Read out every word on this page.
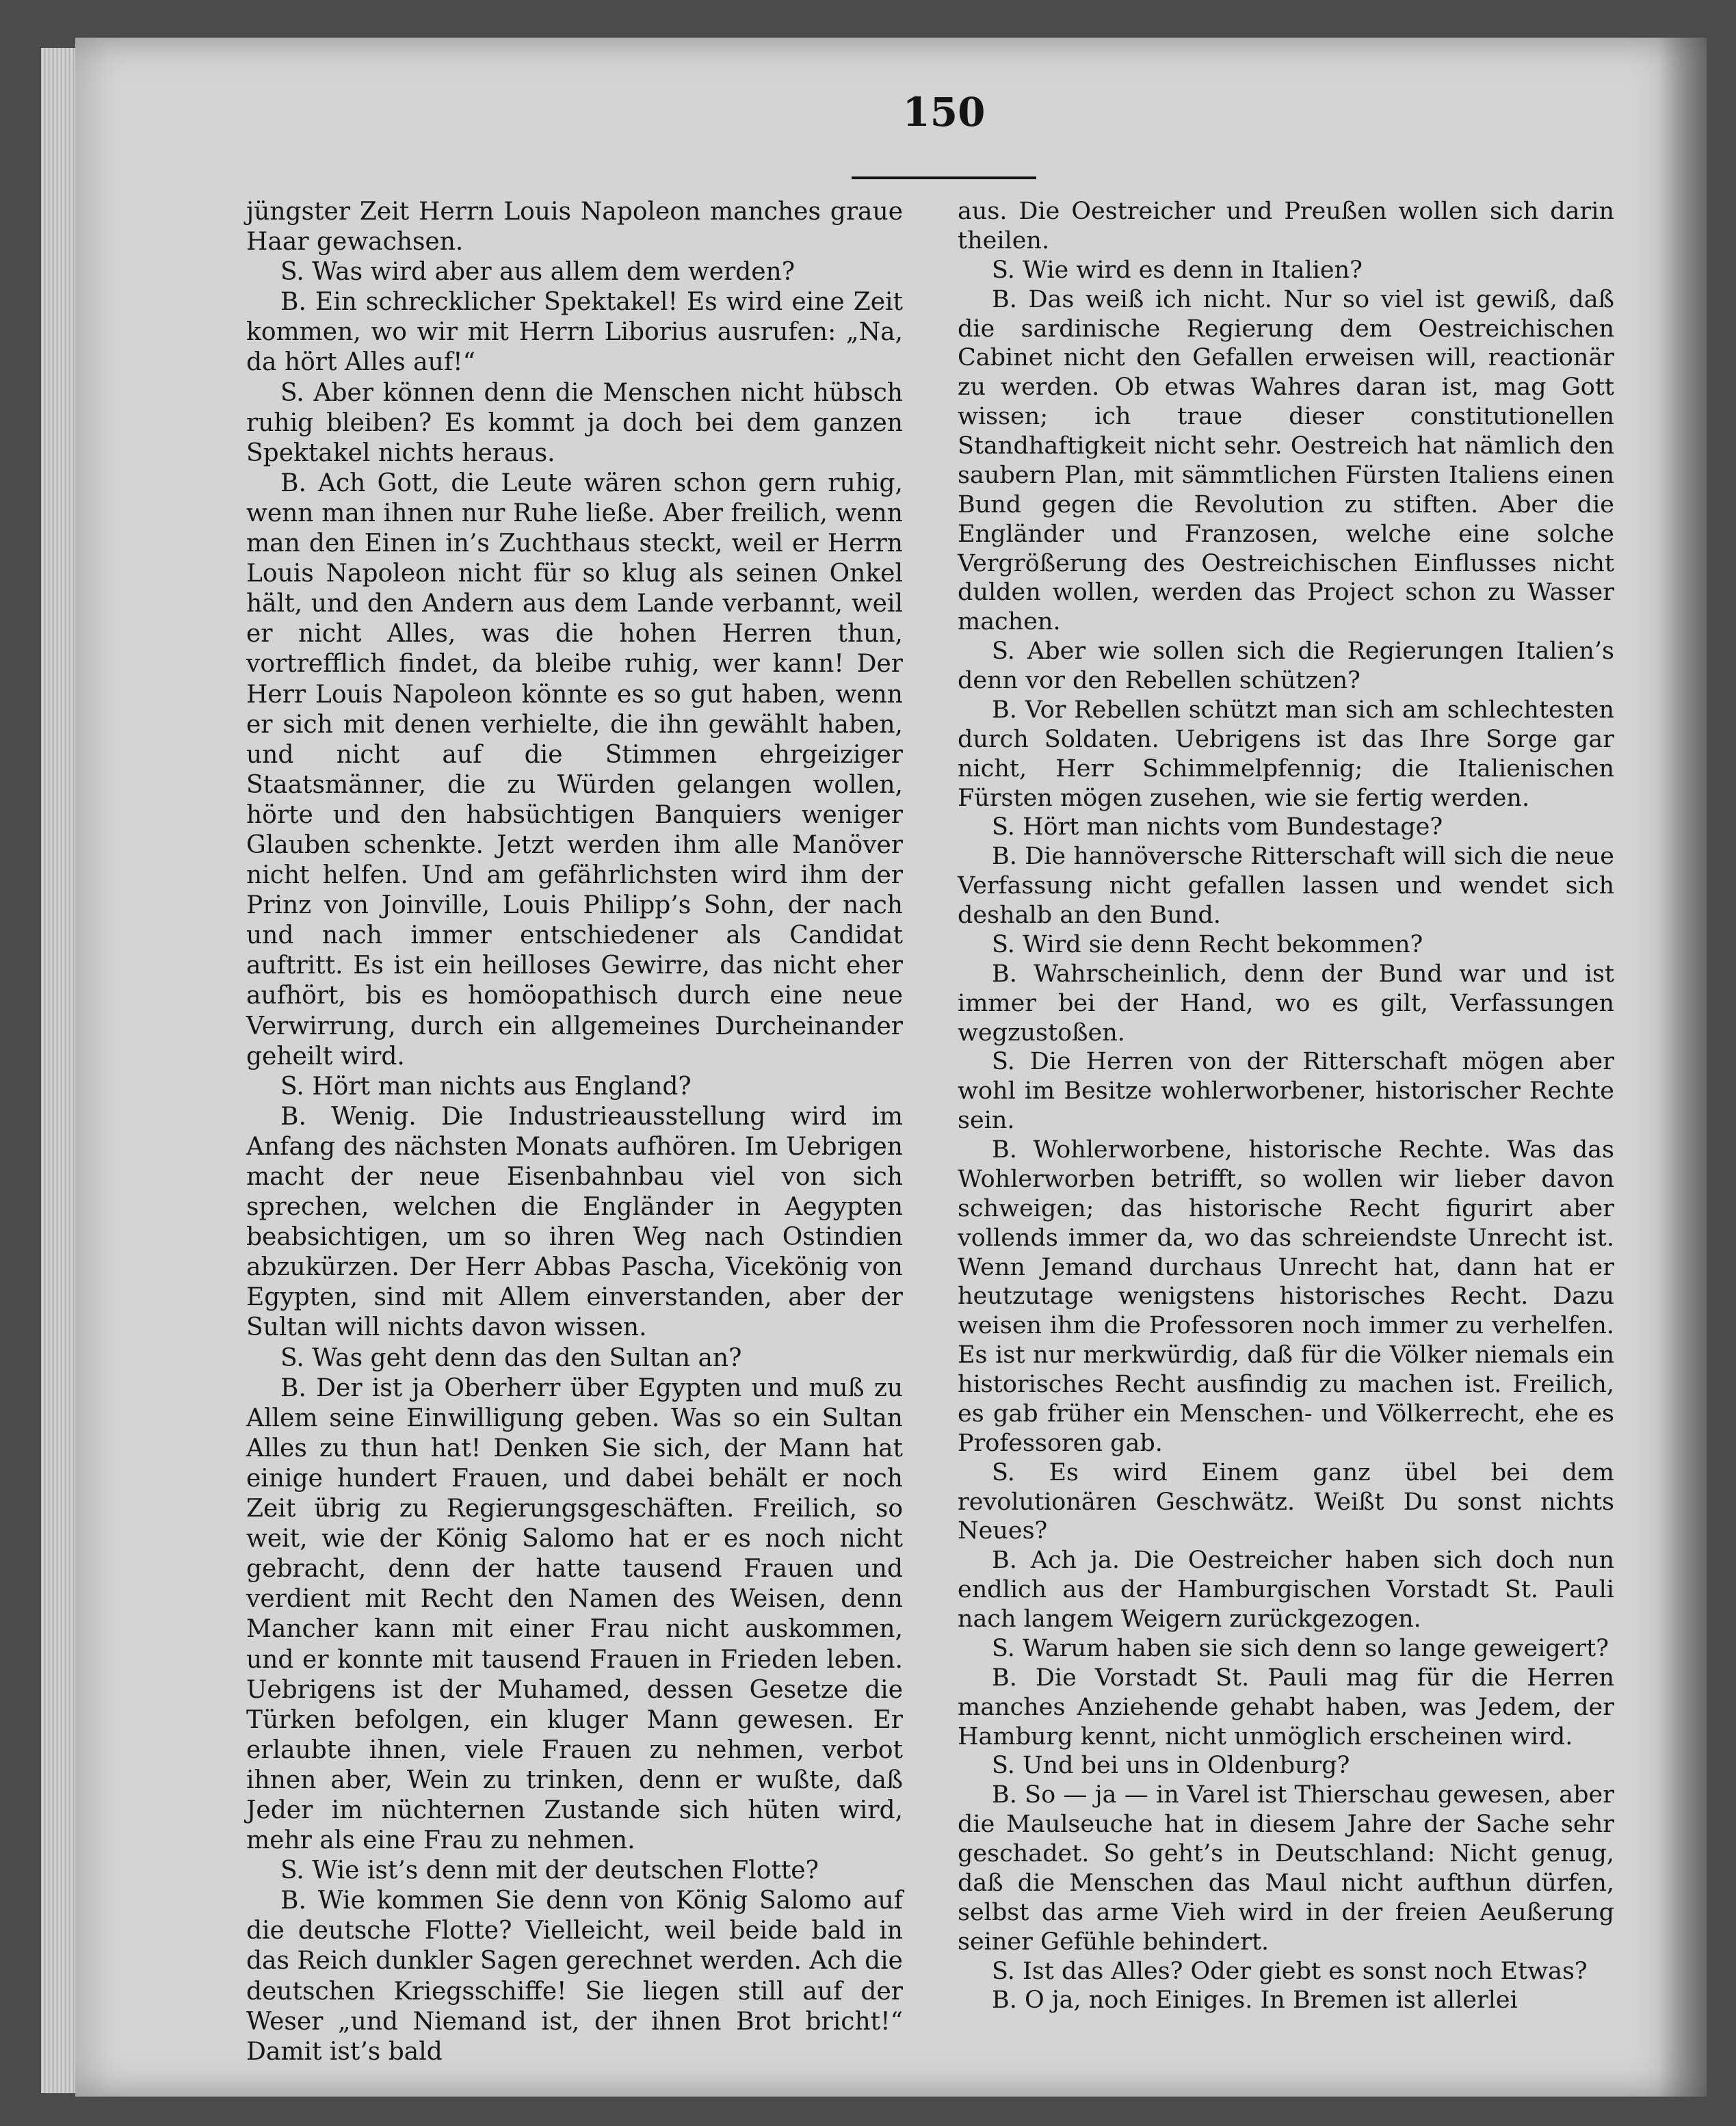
150

jüngster Zeit Herrn Louis Napoleon manches graue Haar gewachsen.

S. Was wird aber aus allem dem werden?

B. Ein schrecklicher Spektakel! Es wird eine Zeit kommen, wo wir mit Herrn Liborius ausrufen: „Na, da hört Alles auf!“

S. Aber können denn die Menschen nicht hübsch ruhig bleiben? Es kommt ja doch bei dem ganzen Spektakel nichts heraus.

B. Ach Gott, die Leute wären schon gern ruhig, wenn man ihnen nur Ruhe ließe. Aber freilich, wenn man den Einen in’s Zuchthaus steckt, weil er Herrn Louis Napoleon nicht für so klug als seinen Onkel hält, und den Andern aus dem Lande verbannt, weil er nicht Alles, was die hohen Herren thun, vortrefflich findet, da bleibe ruhig, wer kann! Der Herr Louis Napoleon könnte es so gut haben, wenn er sich mit denen verhielte, die ihn gewählt haben, und nicht auf die Stimmen ehrgeiziger Staatsmänner, die zu Würden gelangen wollen, hörte und den habsüchtigen Banquiers weniger Glauben schenkte. Jetzt werden ihm alle Manöver nicht helfen. Und am gefährlichsten wird ihm der Prinz von Joinville, Louis Philipp’s Sohn, der nach und nach immer entschiedener als Candidat auftritt. Es ist ein heilloses Gewirre, das nicht eher aufhört, bis es homöopathisch durch eine neue Verwirrung, durch ein allgemeines Durcheinander geheilt wird.

S. Hört man nichts aus England?

B. Wenig. Die Industrieausstellung wird im Anfang des nächsten Monats aufhören. Im Uebrigen macht der neue Eisenbahnbau viel von sich sprechen, welchen die Engländer in Aegypten beabsichtigen, um so ihren Weg nach Ostindien abzukürzen. Der Herr Abbas Pascha, Vicekönig von Egypten, sind mit Allem einverstanden, aber der Sultan will nichts davon wissen.

S. Was geht denn das den Sultan an?

B. Der ist ja Oberherr über Egypten und muß zu Allem seine Einwilligung geben. Was so ein Sultan Alles zu thun hat! Denken Sie sich, der Mann hat einige hundert Frauen, und dabei behält er noch Zeit übrig zu Regierungsgeschäften. Freilich, so weit, wie der König Salomo hat er es noch nicht gebracht, denn der hatte tausend Frauen und verdient mit Recht den Namen des Weisen, denn Mancher kann mit einer Frau nicht auskommen, und er konnte mit tausend Frauen in Frieden leben. Uebrigens ist der Muhamed, dessen Gesetze die Türken befolgen, ein kluger Mann gewesen. Er erlaubte ihnen, viele Frauen zu nehmen, verbot ihnen aber, Wein zu trinken, denn er wußte, daß Jeder im nüchternen Zustande sich hüten wird, mehr als eine Frau zu nehmen.

S. Wie ist’s denn mit der deutschen Flotte?

B. Wie kommen Sie denn von König Salomo auf die deutsche Flotte? Vielleicht, weil beide bald in das Reich dunkler Sagen gerechnet werden. Ach die deutschen Kriegsschiffe! Sie liegen still auf der Weser „und Niemand ist, der ihnen Brot bricht!“ Damit ist’s bald

aus. Die Oestreicher und Preußen wollen sich darin theilen.

S. Wie wird es denn in Italien?

B. Das weiß ich nicht. Nur so viel ist gewiß, daß die sardinische Regierung dem Oestreichischen Cabinet nicht den Gefallen erweisen will, reactionär zu werden. Ob etwas Wahres daran ist, mag Gott wissen; ich traue dieser constitutionellen Standhaftigkeit nicht sehr. Oestreich hat nämlich den saubern Plan, mit sämmtlichen Fürsten Italiens einen Bund gegen die Revolution zu stiften. Aber die Engländer und Franzosen, welche eine solche Vergrößerung des Oestreichischen Einflusses nicht dulden wollen, werden das Project schon zu Wasser machen.

S. Aber wie sollen sich die Regierungen Italien’s denn vor den Rebellen schützen?

B. Vor Rebellen schützt man sich am schlechtesten durch Soldaten. Uebrigens ist das Ihre Sorge gar nicht, Herr Schimmelpfennig; die Italienischen Fürsten mögen zusehen, wie sie fertig werden.

S. Hört man nichts vom Bundestage?

B. Die hannöversche Ritterschaft will sich die neue Verfassung nicht gefallen lassen und wendet sich deshalb an den Bund.

S. Wird sie denn Recht bekommen?

B. Wahrscheinlich, denn der Bund war und ist immer bei der Hand, wo es gilt, Verfassungen wegzustoßen.

S. Die Herren von der Ritterschaft mögen aber wohl im Besitze wohlerworbener, historischer Rechte sein.

B. Wohlerworbene, historische Rechte. Was das Wohlerworben betrifft, so wollen wir lieber davon schweigen; das historische Recht figurirt aber vollends immer da, wo das schreiendste Unrecht ist. Wenn Jemand durchaus Unrecht hat, dann hat er heutzutage wenigstens historisches Recht. Dazu weisen ihm die Professoren noch immer zu verhelfen. Es ist nur merkwürdig, daß für die Völker niemals ein historisches Recht ausfindig zu machen ist. Freilich, es gab früher ein Menschen- und Völkerrecht, ehe es Professoren gab.

S. Es wird Einem ganz übel bei dem revolutionären Geschwätz. Weißt Du sonst nichts Neues?

B. Ach ja. Die Oestreicher haben sich doch nun endlich aus der Hamburgischen Vorstadt St. Pauli nach langem Weigern zurückgezogen.

S. Warum haben sie sich denn so lange geweigert?

B. Die Vorstadt St. Pauli mag für die Herren manches Anziehende gehabt haben, was Jedem, der Hamburg kennt, nicht unmöglich erscheinen wird.

S. Und bei uns in Oldenburg?

B. So — ja — in Varel ist Thierschau gewesen, aber die Maulseuche hat in diesem Jahre der Sache sehr geschadet. So geht’s in Deutschland: Nicht genug, daß die Menschen das Maul nicht aufthun dürfen, selbst das arme Vieh wird in der freien Aeußerung seiner Gefühle behindert.

S. Ist das Alles? Oder giebt es sonst noch Etwas?

B. O ja, noch Einiges. In Bremen ist allerlei
